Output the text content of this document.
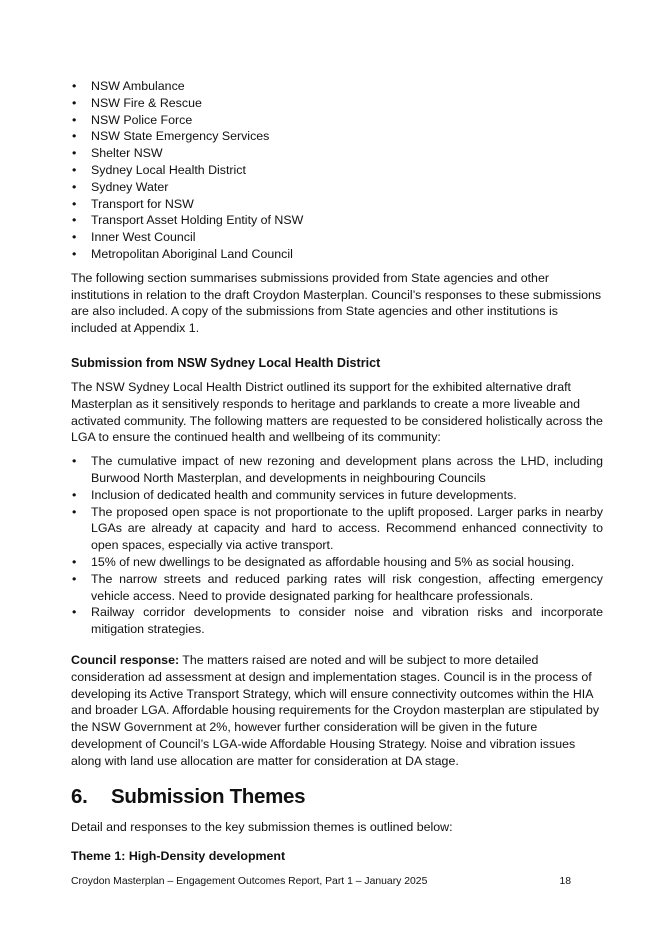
• NSW Ambulance
• NSW Fire & Rescue
• NSW Police Force
• NSW State Emergency Services
• Shelter NSW
• Sydney Local Health District
• Sydney Water
• Transport for NSW
• Transport Asset Holding Entity of NSW
• Inner West Council
• Metropolitan Aboriginal Land Council

The following section summarises submissions provided from State agencies and other institutions in relation to the draft Croydon Masterplan. Council’s responses to these submissions are also included. A copy of the submissions from State agencies and other institutions is included at Appendix 1.

Submission from NSW Sydney Local Health District

The NSW Sydney Local Health District outlined its support for the exhibited alternative draft Masterplan as it sensitively responds to heritage and parklands to create a more liveable and activated community. The following matters are requested to be considered holistically across the LGA to ensure the continued health and wellbeing of its community:

• The cumulative impact of new rezoning and development plans across the LHD, including Burwood North Masterplan, and developments in neighbouring Councils
• Inclusion of dedicated health and community services in future developments.
• The proposed open space is not proportionate to the uplift proposed. Larger parks in nearby LGAs are already at capacity and hard to access. Recommend enhanced connectivity to open spaces, especially via active transport.
• 15% of new dwellings to be designated as affordable housing and 5% as social housing.
• The narrow streets and reduced parking rates will risk congestion, affecting emergency vehicle access. Need to provide designated parking for healthcare professionals.
• Railway corridor developments to consider noise and vibration risks and incorporate mitigation strategies.

Council response: The matters raised are noted and will be subject to more detailed consideration ad assessment at design and implementation stages. Council is in the process of developing its Active Transport Strategy, which will ensure connectivity outcomes within the HIA and broader LGA. Affordable housing requirements for the Croydon masterplan are stipulated by the NSW Government at 2%, however further consideration will be given in the future development of Council’s LGA-wide Affordable Housing Strategy. Noise and vibration issues along with land use allocation are matter for consideration at DA stage.

6.	Submission Themes

Detail and responses to the key submission themes is outlined below:

Theme 1: High-Density development
Croydon Masterplan – Engagement Outcomes Report, Part 1 – January 2025	18
